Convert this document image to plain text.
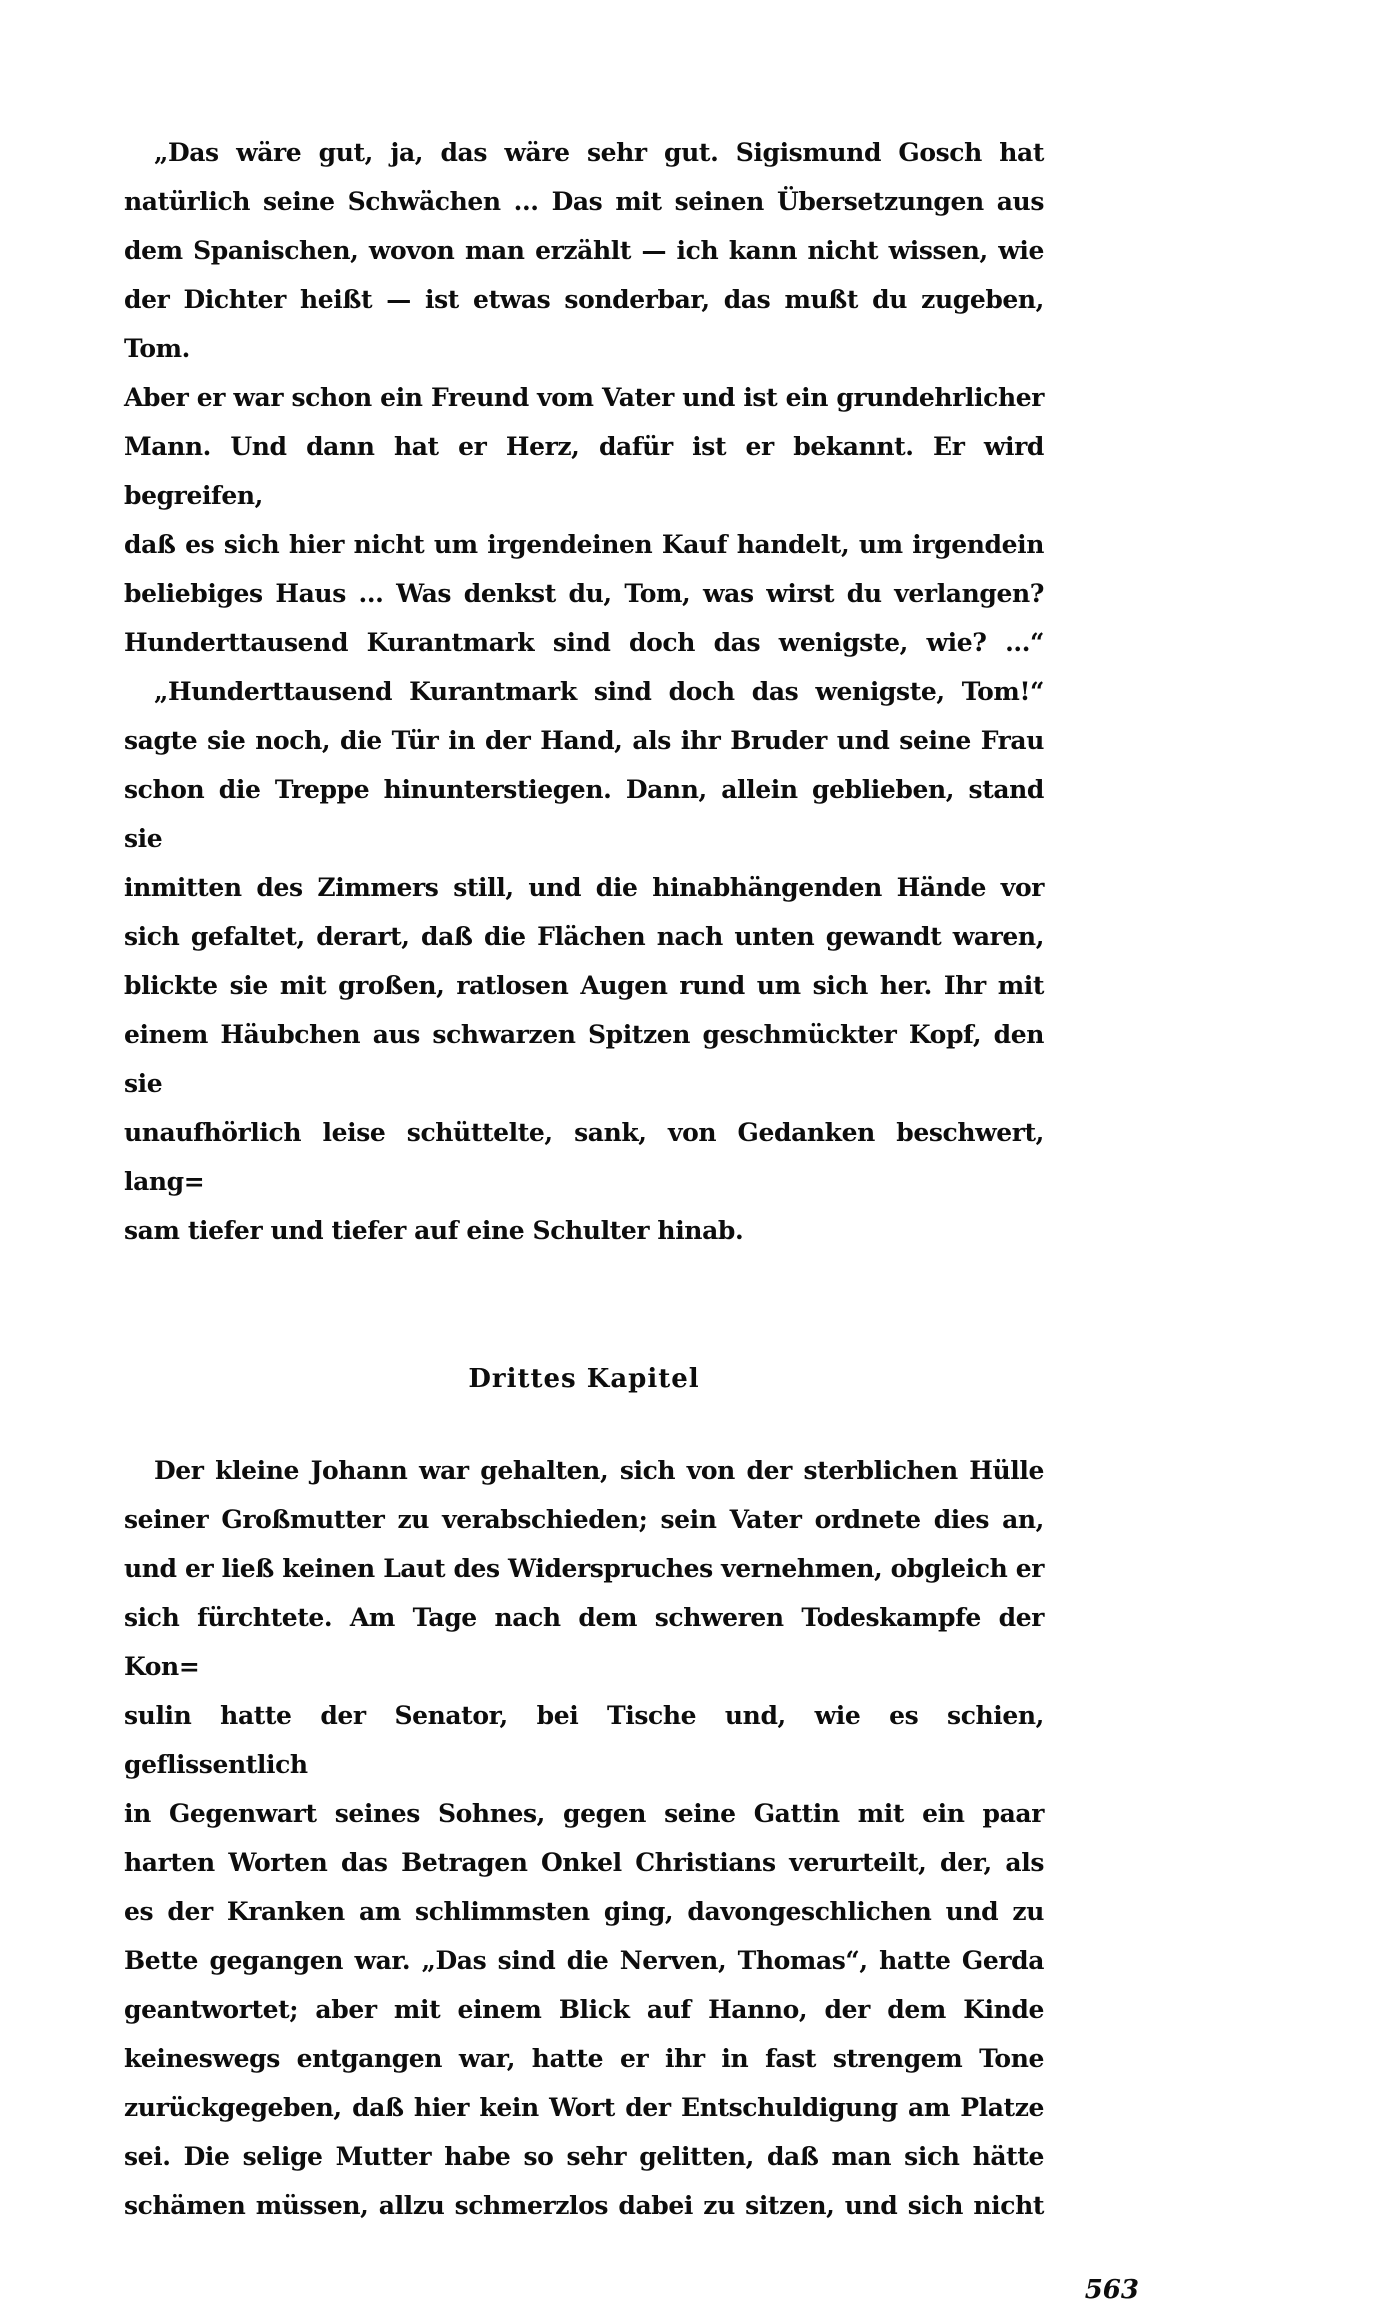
„Das wäre gut, ja, das wäre sehr gut. Sigismund Gosch hat
natürlich seine Schwächen ... Das mit seinen Übersetzungen aus
dem Spanischen, wovon man erzählt — ich kann nicht wissen, wie
der Dichter heißt — ist etwas sonderbar, das mußt du zugeben, Tom.
Aber er war schon ein Freund vom Vater und ist ein grundehrlicher
Mann. Und dann hat er Herz, dafür ist er bekannt. Er wird begreifen,
daß es sich hier nicht um irgendeinen Kauf handelt, um irgendein
beliebiges Haus ... Was denkst du, Tom, was wirst du verlangen?
Hunderttausend Kurantmark sind doch das wenigste, wie? ...“
„Hunderttausend Kurantmark sind doch das wenigste, Tom!“
sagte sie noch, die Tür in der Hand, als ihr Bruder und seine Frau
schon die Treppe hinunterstiegen. Dann, allein geblieben, stand sie
inmitten des Zimmers still, und die hinabhängenden Hände vor
sich gefaltet, derart, daß die Flächen nach unten gewandt waren,
blickte sie mit großen, ratlosen Augen rund um sich her. Ihr mit
einem Häubchen aus schwarzen Spitzen geschmückter Kopf, den sie
unaufhörlich leise schüttelte, sank, von Gedanken beschwert, lang=
sam tiefer und tiefer auf eine Schulter hinab.
Drittes Kapitel
Der kleine Johann war gehalten, sich von der sterblichen Hülle
seiner Großmutter zu verabschieden; sein Vater ordnete dies an,
und er ließ keinen Laut des Widerspruches vernehmen, obgleich er
sich fürchtete. Am Tage nach dem schweren Todeskampfe der Kon=
sulin hatte der Senator, bei Tische und, wie es schien, geflissentlich
in Gegenwart seines Sohnes, gegen seine Gattin mit ein paar
harten Worten das Betragen Onkel Christians verurteilt, der, als
es der Kranken am schlimmsten ging, davongeschlichen und zu
Bette gegangen war. „Das sind die Nerven, Thomas“, hatte Gerda
geantwortet; aber mit einem Blick auf Hanno, der dem Kinde
keineswegs entgangen war, hatte er ihr in fast strengem Tone
zurückgegeben, daß hier kein Wort der Entschuldigung am Platze
sei. Die selige Mutter habe so sehr gelitten, daß man sich hätte
schämen müssen, allzu schmerzlos dabei zu sitzen, und sich nicht
563
